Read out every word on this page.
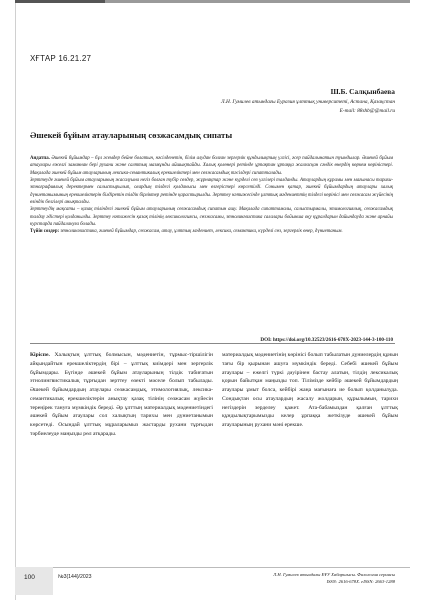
ХҒТАР 16.21.27
Ш.Б. Салқынбаева
Л.Н. Гумилев атындағы Еуразия ұлттық университеті, Астана, Қазақстан
E-mail: 88shb@@mail.ru
Әшекей бұйым атауларының сөзжасамдық сипаты

Андатпа. Әшекей бұйымдар – бұл әсемдер бейне болатын, нәсілденетін, білім алудан болған зергерлік құндылықтың үлгісі, әсер пайдалынатын туындылар. Әшекей бұйым атаулары ежелгі заманнан бері рухани және салттық мазмұнды айшықтайды. Халық қолөнері ретінде ұрпақтан ұрпаққа жалғасқан сәндік өнердің көркем көріністері. Мақалада әшекей бұйым атауларының лексика-семантикалық ерекшеліктері мен сөзжасамдық тәсілдері сипатталады.

Зерттеуде әшекей бұйым атауларының жасалуына негіз болған түбір сөздер, жұрнақтар және күрделі сөз үлгілері талданды. Атаулардың құрамы мен мағынасы тарихи-этнографиялық деректермен салыстырылып, олардың тілдегі қолданысы мен өзгерістері көрсетілді. Сонымен қатар, әшекей бұйымдардың атаулары халық дүниетанымының ерекшеліктерін білдіретін тілдік бірліктер ретінде қарастырылды. Зерттеу нәтижесінде ұлттық мәдениеттің тілдегі көрінісі мен сөзжасам жүйесінің өзіндік белгілері анықталды.

Зерттеудің мақсаты – қазақ тіліндегі әшекей бұйым атауларының сөзжасамдық сипатын ашу. Мақалада сипаттамалы, салыстырмалы, этимологиялық, сөзжасамдық талдау әдістері қолданылды. Зерттеу нәтижесін қазақ тілінің лексикологиясы, сөзжасамы, этнолингвистика салалары бойынша оқу құралдарын дайындауда және арнайы курстарда пайдалануға болады.

Түйін сөздер: этнолингвистика, әшекей бұйымдар, сөзжасам, атау, ұлттық мәдениет, лексика, семантика, күрделі сөз, зергерлік өнер, дүниетаным.

DOI: https://doi.org/10.32523/2616-678X-2023-144-3-100-110

Кіріспе. Халықтың ұлттық болмысын, мәдениетін, тұрмыс-тіршілігін айқындайтын ерекшеліктердің бірі – ұлттық киімдері мен зергерлік бұйымдары. Бүгінде әшекей бұйым атауларының тілдік табиғатын этнолингвистикалық тұрғыдан зерттеу өзекті мәселе болып табылады. Әшекей бұйымдардың атаулары сөзжасамдық, этимологиялық, лексика-семантикалық ерекшеліктерін анықтау қазақ тілінің сөзжасам жүйесін тереңірек тануға мүмкіндік береді. Әр ұлттың материалдық мәдениетіндегі әшекей бұйым атаулары сол халықтың тарихы мен дүниетанымын көрсетеді. Осындай ұлттық мұраларымыз жастарды рухани тұрғыдан тәрбиелеуде маңызды рөл атқарады.

материалдық мәдениетінің көрінісі болып табылатын дүниелердің құнын тағы бір қырынан ашуға мүмкіндік береді. Себебі әшекей бұйым атаулары – ежелгі түркі дәуірінен бастау алатын, тілдің лексикалық қорын байытқан маңызды топ. Тілімізде кейбір әшекей бұйымдардың атаулары ұмыт болса, кейбірі жаңа мағынаға ие болып қолданылуда. Сондықтан осы атаулардың жасалу жолдарын, құрылымын, тарихи негіздерін зерделеу қажет. Ата-бабамыздан қалған ұлттық құндылықтарымызды келер ұрпаққа жеткізуде әшекей бұйым атауларының рухани мәні ерекше.

100	№3(144)/2023	Л.Н. Гумилев атындағы ЕҰУ Хабаршысы. Филология сериясы
ISSN: 2616-678X. eISSN: 2663-1288
